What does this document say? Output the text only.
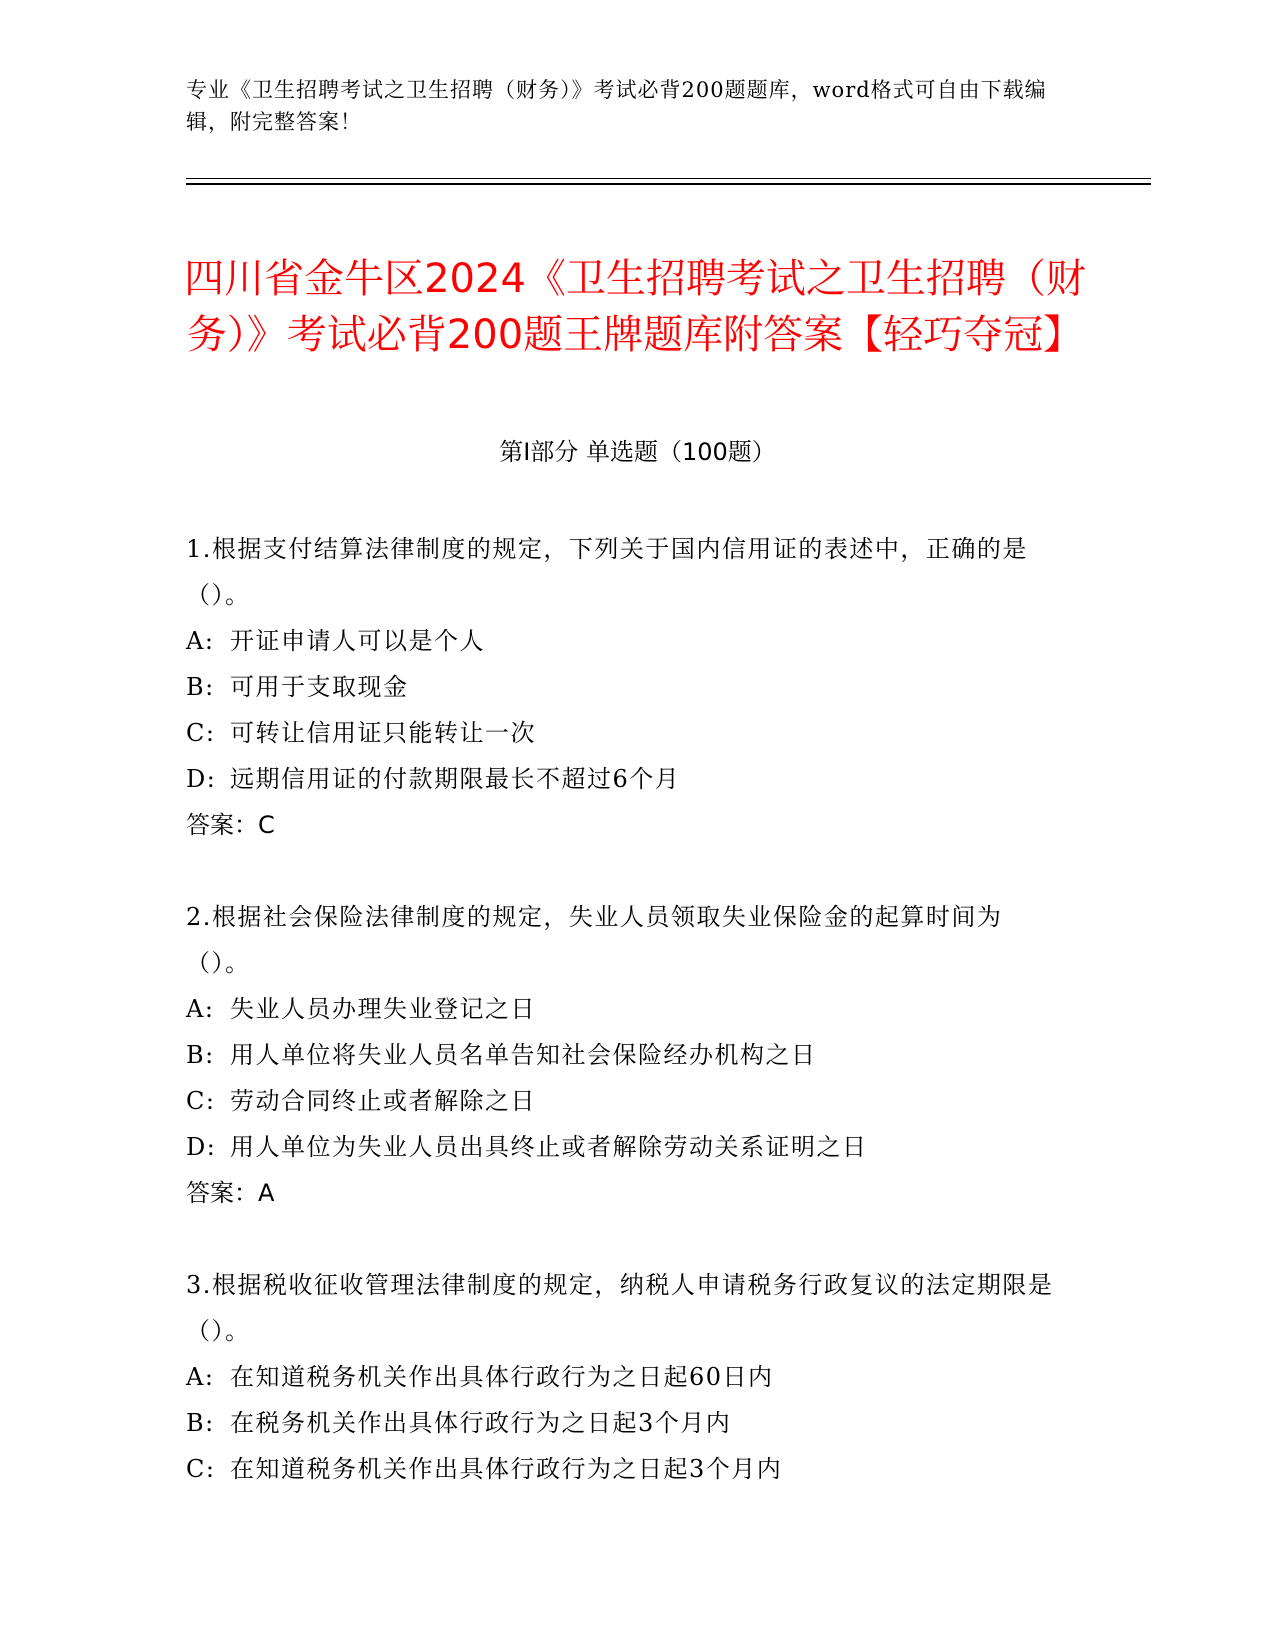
专业《卫生招聘考试之卫生招聘（财务）》考试必背200题题库，word格式可自由下载编辑，附完整答案！
四川省金牛区2024《卫生招聘考试之卫生招聘（财务）》考试必背200题王牌题库附答案【轻巧夺冠】
第Ⅰ部分 单选题（100题）
1.根据支付结算法律制度的规定，下列关于国内信用证的表述中，正确的是（）。
A: 开证申请人可以是个人
B: 可用于支取现金
C: 可转让信用证只能转让一次
D: 远期信用证的付款期限最长不超过6个月
答案：C
2.根据社会保险法律制度的规定，失业人员领取失业保险金的起算时间为（）。
A: 失业人员办理失业登记之日
B: 用人单位将失业人员名单告知社会保险经办机构之日
C: 劳动合同终止或者解除之日
D: 用人单位为失业人员出具终止或者解除劳动关系证明之日
答案：A
3.根据税收征收管理法律制度的规定，纳税人申请税务行政复议的法定期限是（）。
A: 在知道税务机关作出具体行政行为之日起60日内
B: 在税务机关作出具体行政行为之日起3个月内
C: 在知道税务机关作出具体行政行为之日起3个月内
